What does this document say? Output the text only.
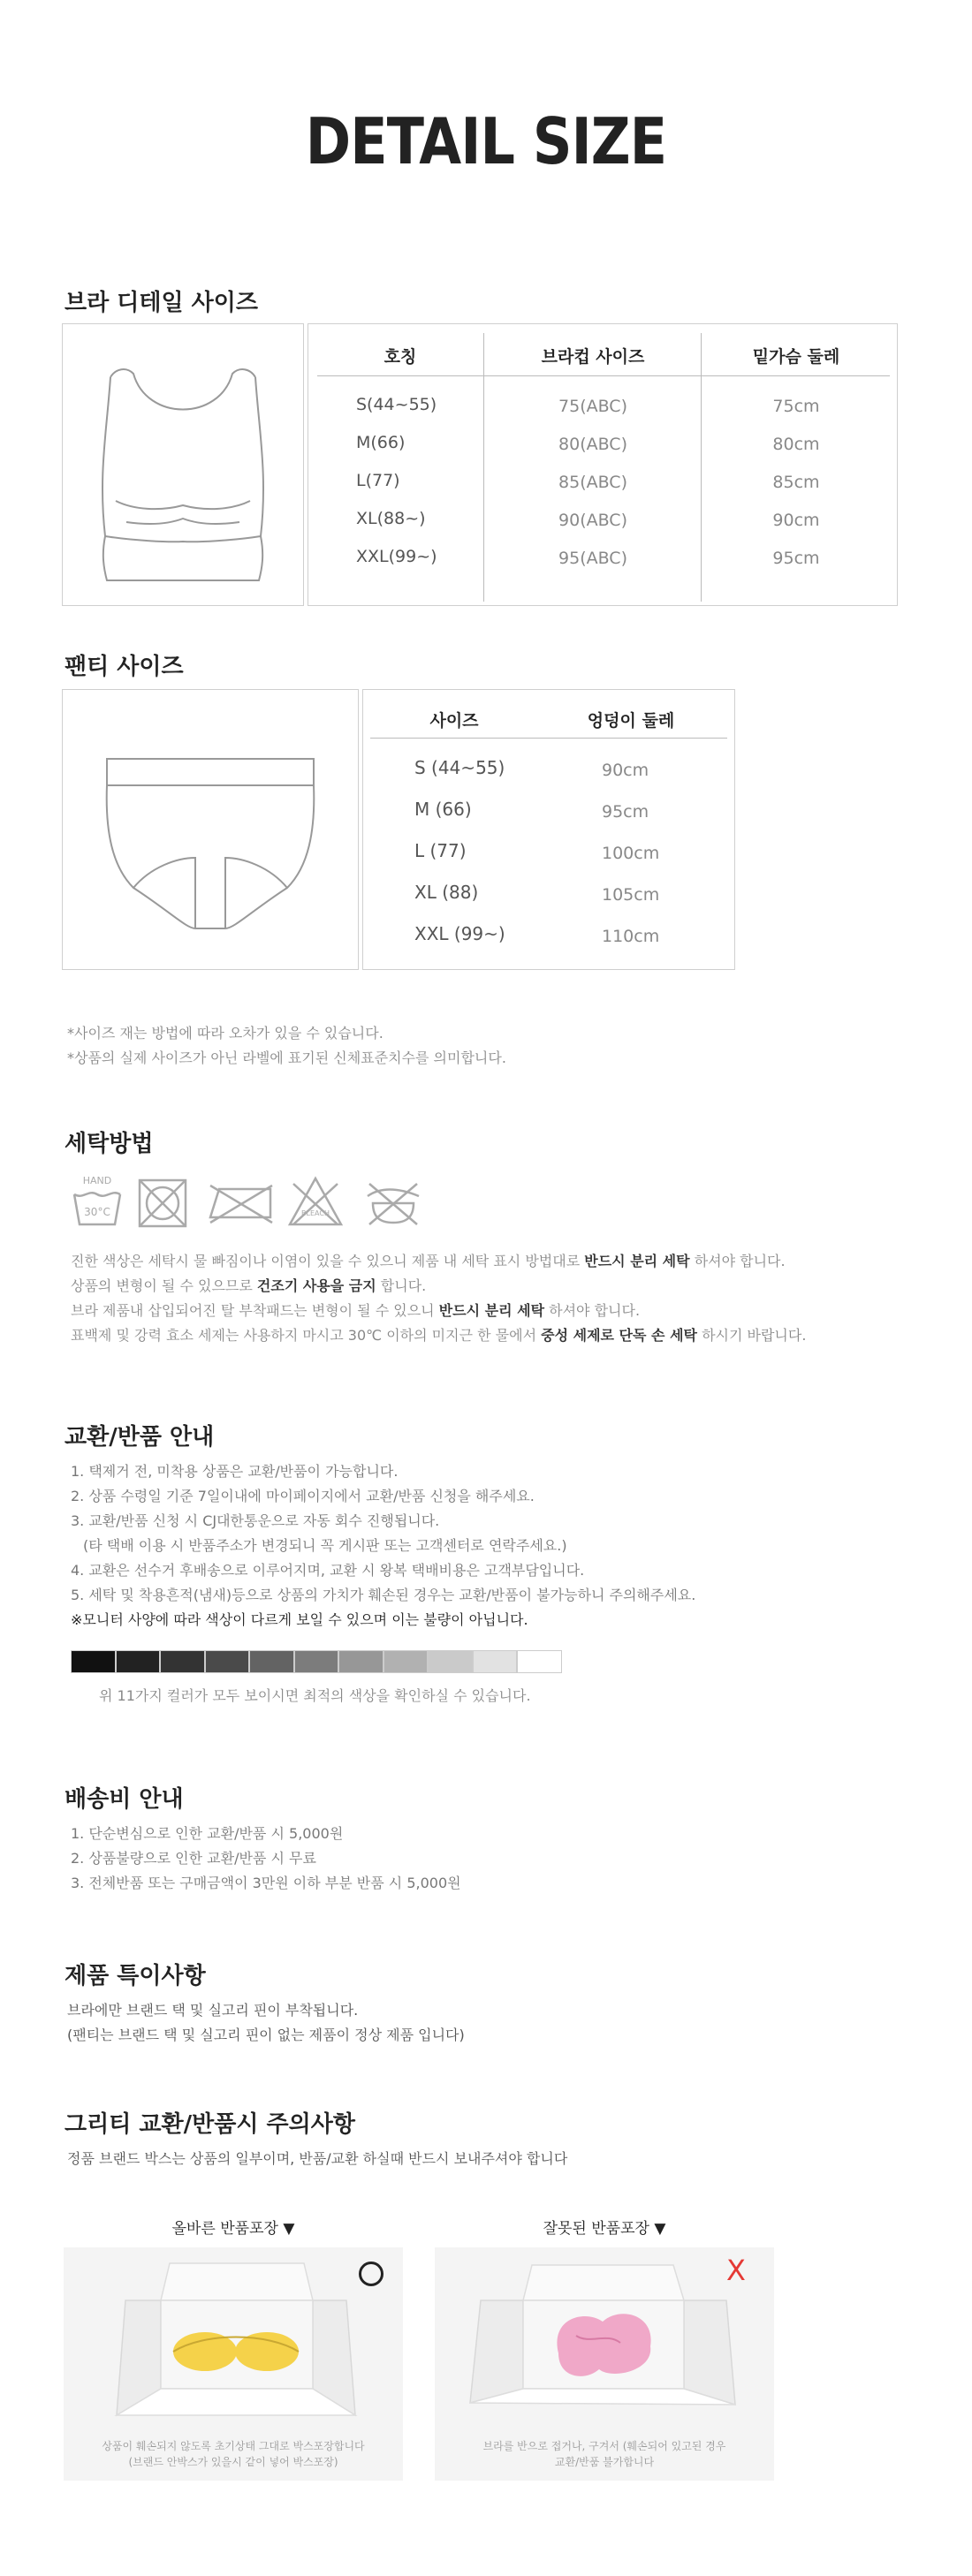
DETAIL SIZE
브라 디테일 사이즈
호칭	브라컵 사이즈	밑가슴 둘레
S(44~55)	75(ABC)	75cm
M(66)	80(ABC)	80cm
L(77)	85(ABC)	85cm
XL(88~)	90(ABC)	90cm
XXL(99~)	95(ABC)	95cm
팬티 사이즈
사이즈	엉덩이 둘레
S (44~55)	90cm
M (66)	95cm
L (77)	100cm
XL (88)	105cm
XXL (99~)	110cm
*사이즈 재는 방법에 따라 오차가 있을 수 있습니다.
*상품의 실제 사이즈가 아닌 라벨에 표기된 신체표준치수를 의미합니다.
세탁방법
HAND
30°C	BLEACH
진한 색상은 세탁시 물 빠짐이나 이염이 있을 수 있으니 제품 내 세탁 표시 방법대로 반드시 분리 세탁 하셔야 합니다.
상품의 변형이 될 수 있으므로 건조기 사용을 금지 합니다.
브라 제품내 삽입되어진 탈 부착패드는 변형이 될 수 있으니 반드시 분리 세탁 하셔야 합니다.
표백제 및 강력 효소 세제는 사용하지 마시고 30℃ 이하의 미지근 한 물에서 중성 세제로 단독 손 세탁 하시기 바랍니다.
교환/반품 안내
1. 택제거 전, 미착용 상품은 교환/반품이 가능합니다.
2. 상품 수령일 기준 7일이내에 마이페이지에서 교환/반품 신청을 해주세요.
3. 교환/반품 신청 시 CJ대한통운으로 자동 회수 진행됩니다.
(타 택배 이용 시 반품주소가 변경되니 꼭 게시판 또는 고객센터로 연락주세요.)
4. 교환은 선수거 후배송으로 이루어지며, 교환 시 왕복 택배비용은 고객부담입니다.
5. 세탁 및 착용흔적(냄새)등으로 상품의 가치가 훼손된 경우는 교환/반품이 불가능하니 주의해주세요.
※모니터 사양에 따라 색상이 다르게 보일 수 있으며 이는 불량이 아닙니다.
위 11가지 컬러가 모두 보이시면 최적의 색상을 확인하실 수 있습니다.
배송비 안내
1. 단순변심으로 인한 교환/반품 시 5,000원
2. 상품불량으로 인한 교환/반품 시 무료
3. 전체반품 또는 구매금액이 3만원 이하 부분 반품 시 5,000원
제품 특이사항
브라에만 브랜드 택 및 실고리 핀이 부착됩니다.
(팬티는 브랜드 택 및 실고리 핀이 없는 제품이 정상 제품 입니다)
그리티 교환/반품시 주의사항
정품 브랜드 박스는 상품의 일부이며, 반품/교환 하실때 반드시 보내주셔야 합니다
올바른 반품포장 ▼	잘못된 반품포장 ▼
상품이 훼손되지 않도록 초기상태 그대로 박스포장합니다
(브랜드 안박스가 있을시 같이 넣어 박스포장)
X
브라를 반으로 접거나, 구겨서 (훼손되어 있고된 경우
교환/반품 불가합니다
